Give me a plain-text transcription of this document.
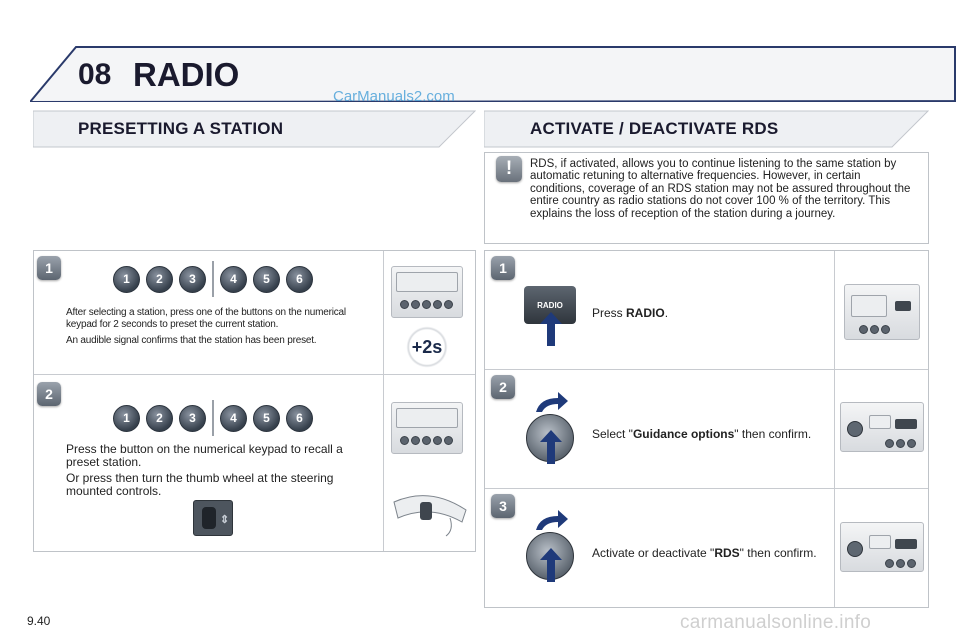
08 RADIO
CarManuals2.com
PRESETTING A STATION	ACTIVATE / DEACTIVATE RDS
!	RDS, if activated, allows you to continue listening to the same station by automatic retuning to alternative frequencies. However, in certain conditions, coverage of an RDS station may not be assured throughout the entire country as radio stations do not cover 100 % of the territory. This explains the loss of reception of the station during a journey.
1
1	2	3	4	5	6
After selecting a station, press one of the buttons on the numerical keypad for 2 seconds to preset the current station.
An audible signal confirms that the station has been preset.	+2s
2
1	2	3	4	5	6
Press the button on the numerical keypad to recall a preset station.
Or press then turn the thumb wheel at the steering mounted controls.
⇕
1
RADIO
Press RADIO.
2
Select "Guidance options" then confirm.
3
Activate or deactivate "RDS" then confirm.
9.40	carmanualsonline.info
